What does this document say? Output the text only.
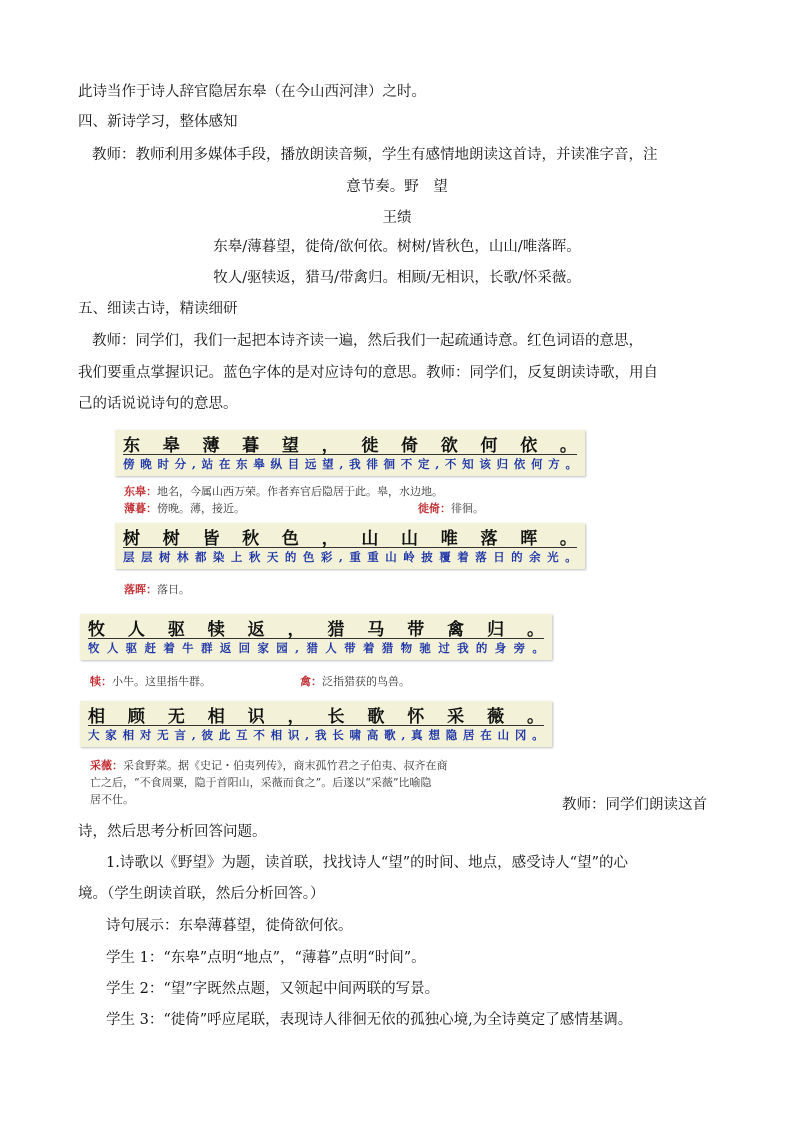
此诗当作于诗人辞官隐居东皋（在今山西河津）之时。
四、新诗学习，整体感知
教师：教师利用多媒体手段，播放朗读音频，学生有感情地朗读这首诗，并读准字音，注
意节奏。野　望
王绩
东皋/薄暮望，徙倚/欲何依。树树/皆秋色，山山/唯落晖。
牧人/驱犊返，猎马/带禽归。相顾/无相识，长歌/怀采薇。
五、细读古诗，精读细研
教师：同学们，我们一起把本诗齐读一遍，然后我们一起疏通诗意。红色词语的意思，
我们要重点掌握识记。蓝色字体的是对应诗句的意思。教师：同学们，反复朗读诗歌，用自
己的话说说诗句的意思。
东 皋 薄 暮 望 ， 徙 倚 欲 何 依 。
傍 晚 时 分 , 站 在 东 皋 纵 目 远 望 , 我 徘 徊 不 定 , 不 知 该 归 依 何 方 。
东皋：地名，今属山西万荣。作者弃官后隐居于此。皋，水边地。
薄暮：傍晚。薄，接近。	徙倚：徘徊。
树 树 皆 秋 色 ， 山 山 唯 落 晖 。
层 层 树 林 都 染 上 秋 天 的 色 彩 , 重 重 山 岭 披 覆 着 落 日 的 余 光 。
落晖：落日。
牧 人 驱 犊 返 ， 猎 马 带 禽 归 。
牧 人 驱 赶 着 牛 群 返 回 家 园 , 猎 人 带 着 猎 物 驰 过 我 的 身 旁 。
犊：小牛。这里指牛群。	禽：泛指猎获的鸟兽。
相 顾 无 相 识 ， 长 歌 怀 采 薇 。
大 家 相 对 无 言 , 彼 此 互 不 相 识 , 我 长 啸 高 歌 , 真 想 隐 居 在 山 冈 。
采薇：采食野菜。据《史记・伯夷列传》，商末孤竹君之子伯夷、叔齐在商
亡之后，“不食周粟，隐于首阳山，采薇而食之”。后遂以“采薇”比喻隐
居不仕。	教师：同学们朗读这首
诗，然后思考分析回答问题。
1.诗歌以《野望》为题，读首联，找找诗人“望”的时间、地点，感受诗人“望”的心
境。（学生朗读首联，然后分析回答。）
诗句展示：东皋薄暮望，徙倚欲何依。
学生 1：“东皋”点明“地点”，“薄暮”点明“时间”。
学生 2：“望”字既然点题，又领起中间两联的写景。
学生 3：“徙倚”呼应尾联，表现诗人徘徊无依的孤独心境,为全诗奠定了感情基调。
